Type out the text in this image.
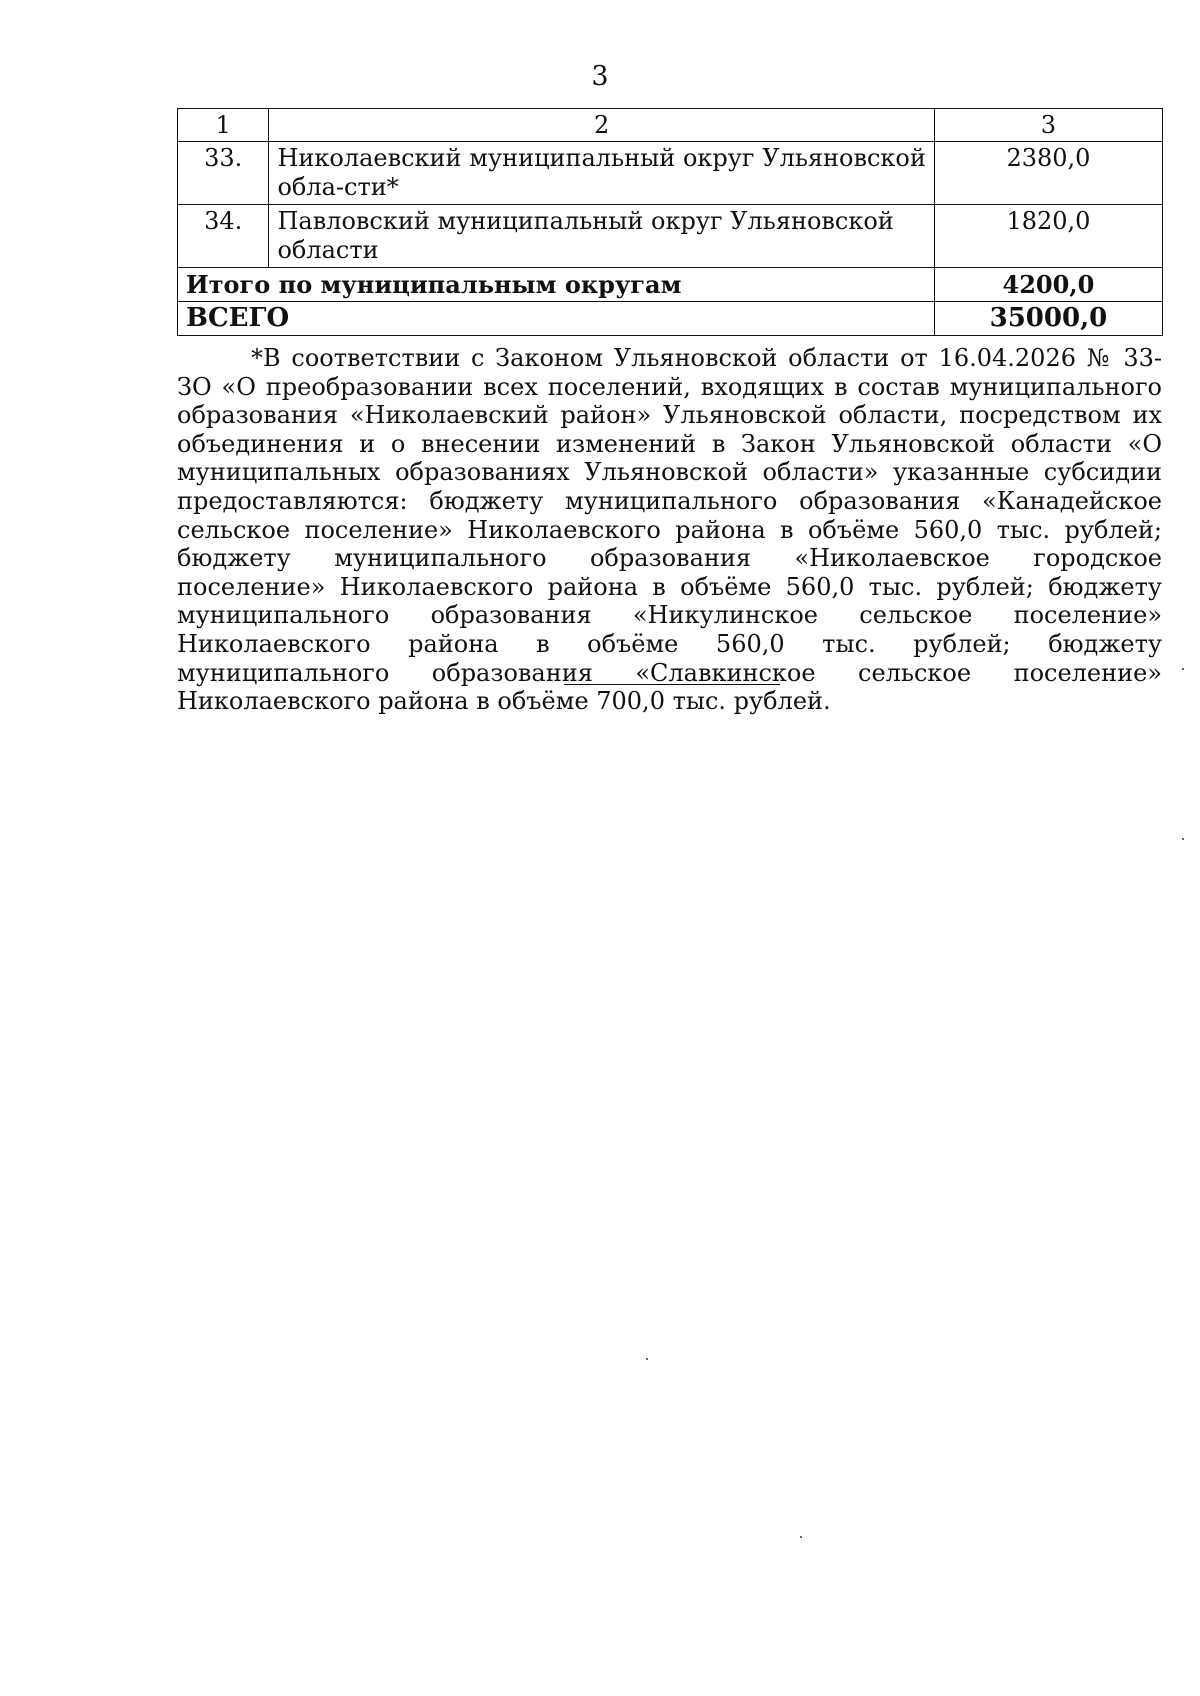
3
1	2	3
33.	Николаевский муниципальный округ Ульяновской обла-сти*	2380,0
34.	Павловский муниципальный округ Ульяновской области	1820,0
Итого по муниципальным округам		4200,0
ВСЕГО		35000,0

*В соответствии с Законом Ульяновской области от 16.04.2026 № 33-ЗО «О преобразовании всех поселений, входящих в состав муниципального образования «Николаевский район» Ульяновской области, посредством их объединения и о внесении изменений в Закон Ульяновской области «О муниципальных образованиях Ульяновской области» указанные субсидии предоставляются: бюджету муниципального образования «Канадейское сельское поселение» Николаевского района в объёме 560,0 тыс. рублей; бюджету муниципального образования «Николаевское городское поселение» Николаевского района в объёме 560,0 тыс. рублей; бюджету муниципального образования «Никулинское сельское поселение» Николаевского района в объёме 560,0 тыс. рублей; бюджету муниципального образования «Славкинское сельское поселение» Николаевского района в объёме 700,0 тыс. рублей.
